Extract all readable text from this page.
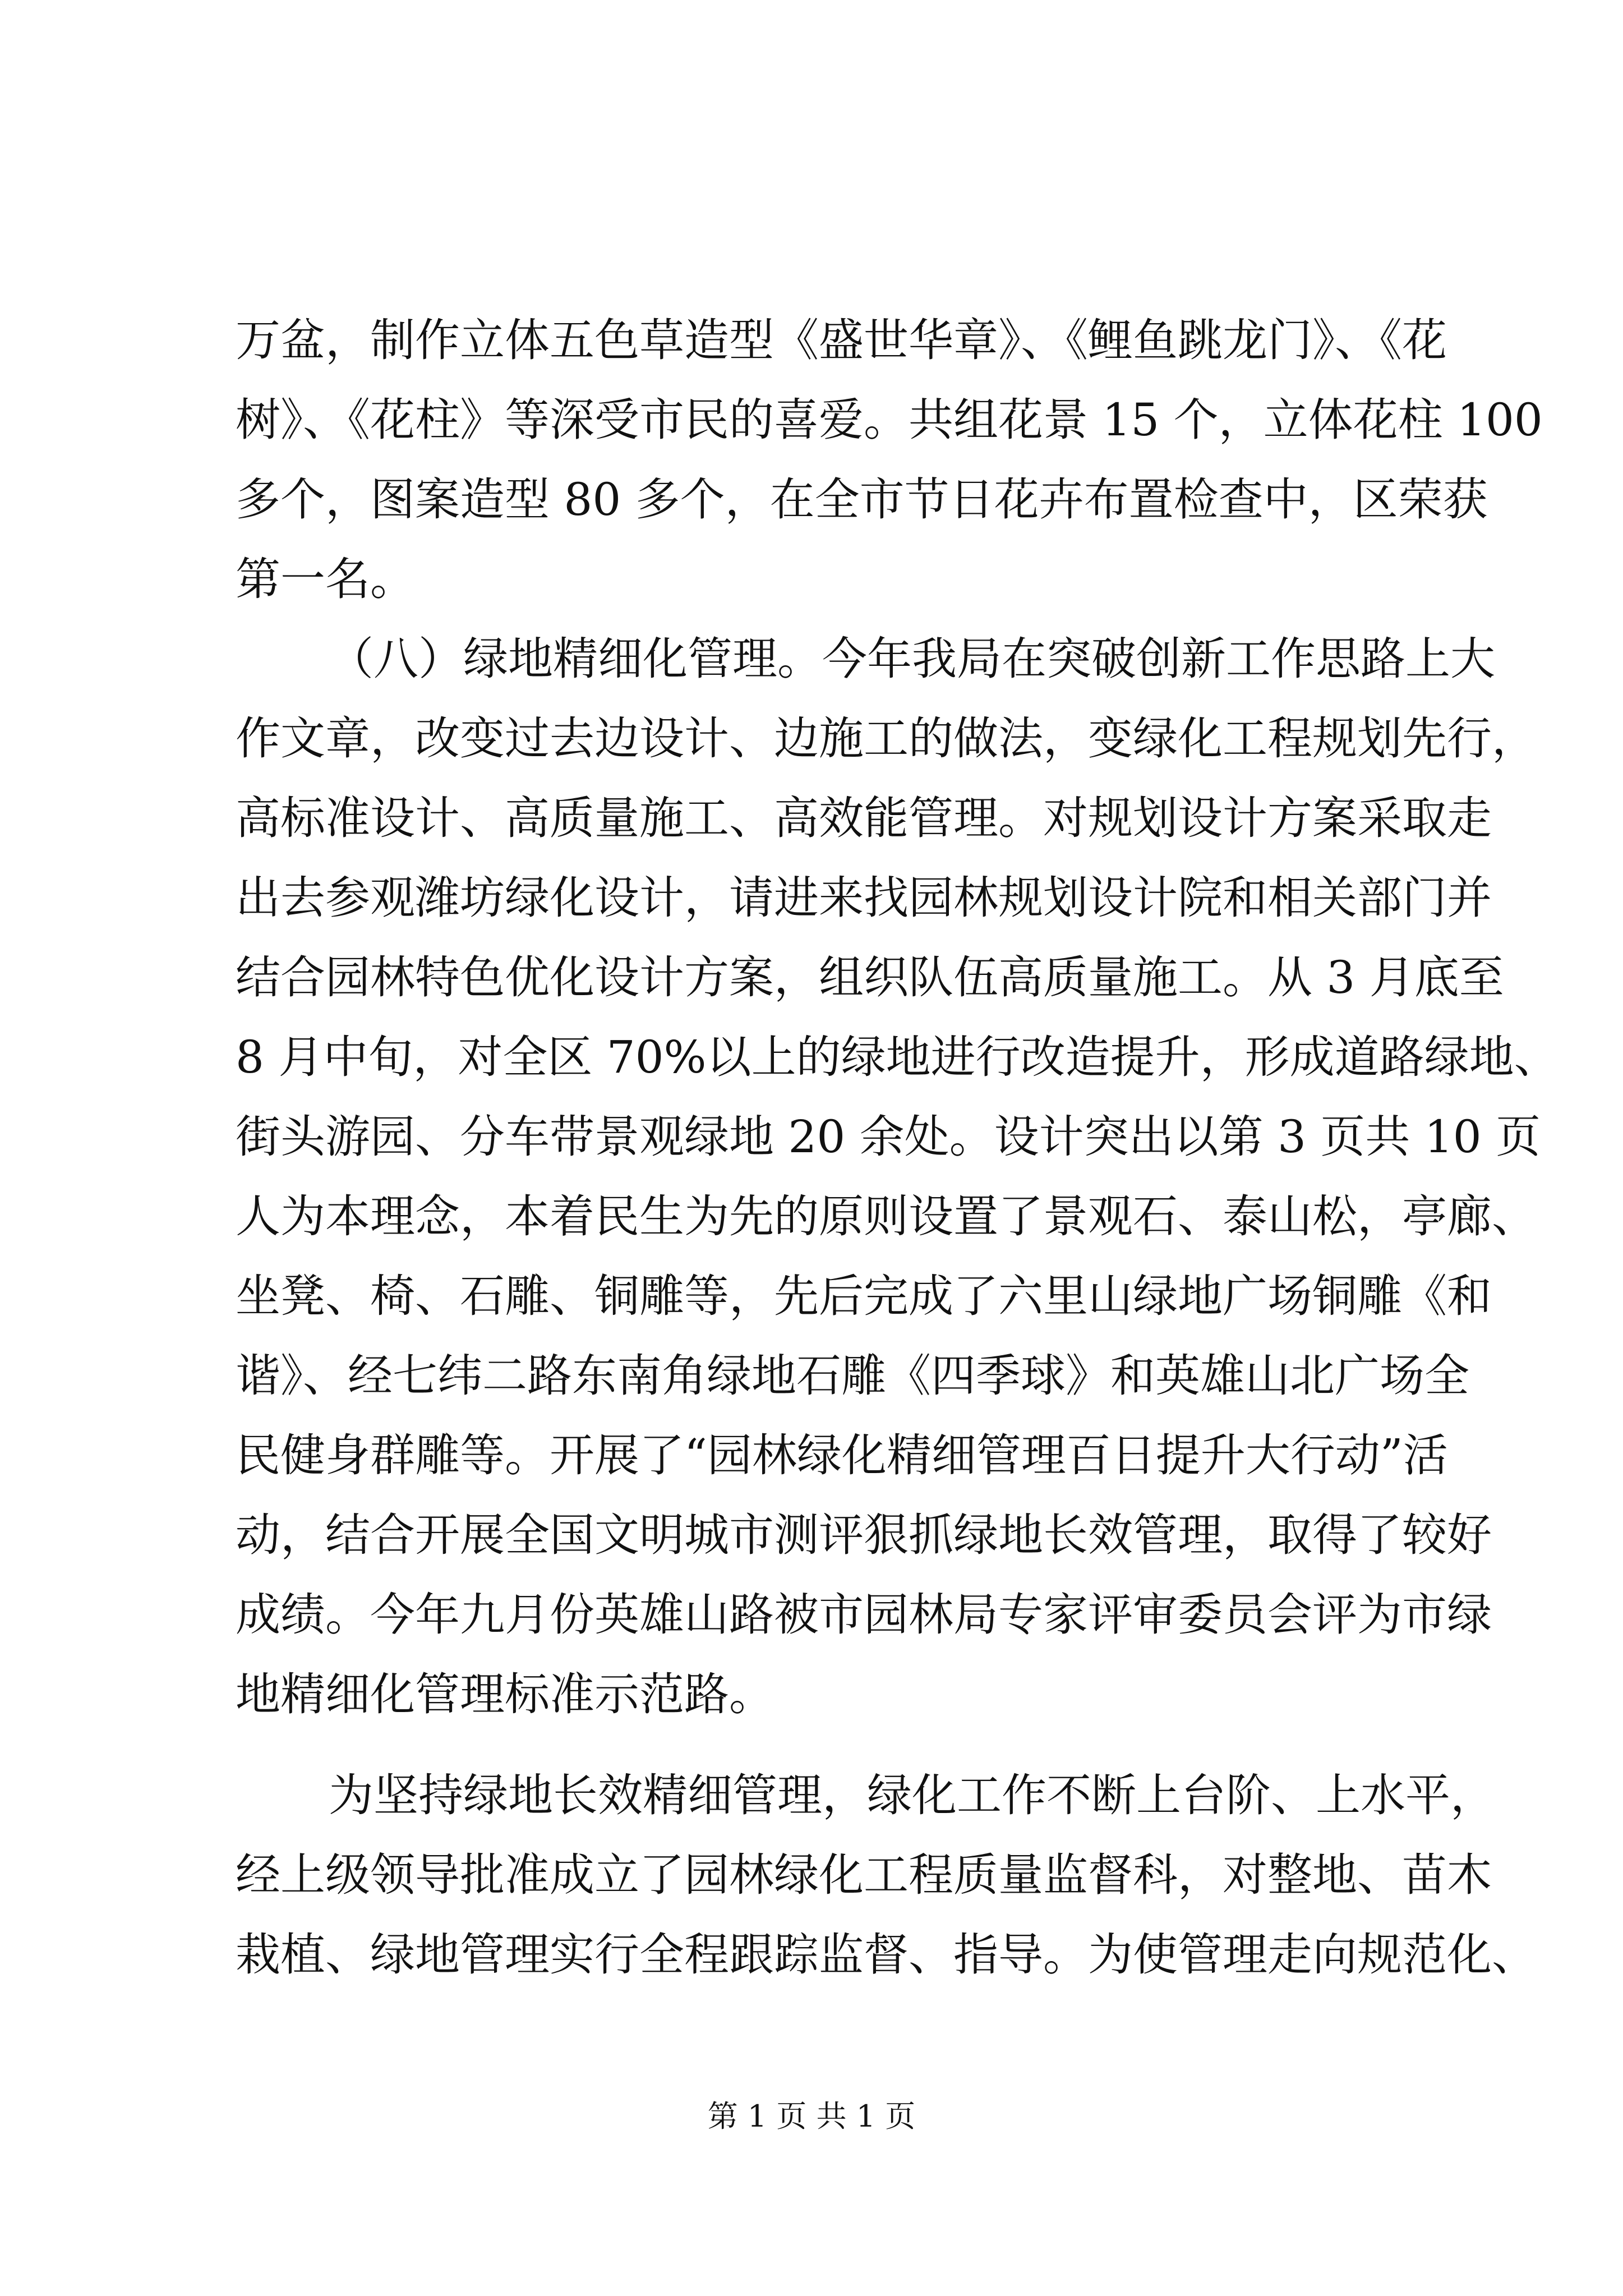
万盆，制作立体五色草造型《盛世华章》、《鲤鱼跳龙门》、《花
树》、《花柱》等深受市民的喜爱。共组花景 15 个，立体花柱 100
多个，图案造型 80 多个，在全市节日花卉布置检查中，区荣获
第一名。
（八）绿地精细化管理。今年我局在突破创新工作思路上大
作文章，改变过去边设计、边施工的做法，变绿化工程规划先行，
高标准设计、高质量施工、高效能管理。对规划设计方案采取走
出去参观潍坊绿化设计，请进来找园林规划设计院和相关部门并
结合园林特色优化设计方案，组织队伍高质量施工。从 3 月底至
8 月中旬，对全区 70%以上的绿地进行改造提升，形成道路绿地、
街头游园、分车带景观绿地 20 余处。设计突出以第 3 页共 10 页
人为本理念，本着民生为先的原则设置了景观石、泰山松，亭廊、
坐凳、椅、石雕、铜雕等，先后完成了六里山绿地广场铜雕《和
谐》、经七纬二路东南角绿地石雕《四季球》和英雄山北广场全
民健身群雕等。开展了“园林绿化精细管理百日提升大行动”活
动，结合开展全国文明城市测评狠抓绿地长效管理，取得了较好
成绩。今年九月份英雄山路被市园林局专家评审委员会评为市绿
地精细化管理标准示范路。
为坚持绿地长效精细管理，绿化工作不断上台阶、上水平，
经上级领导批准成立了园林绿化工程质量监督科，对整地、苗木
栽植、绿地管理实行全程跟踪监督、指导。为使管理走向规范化、
第 1 页 共 1 页
